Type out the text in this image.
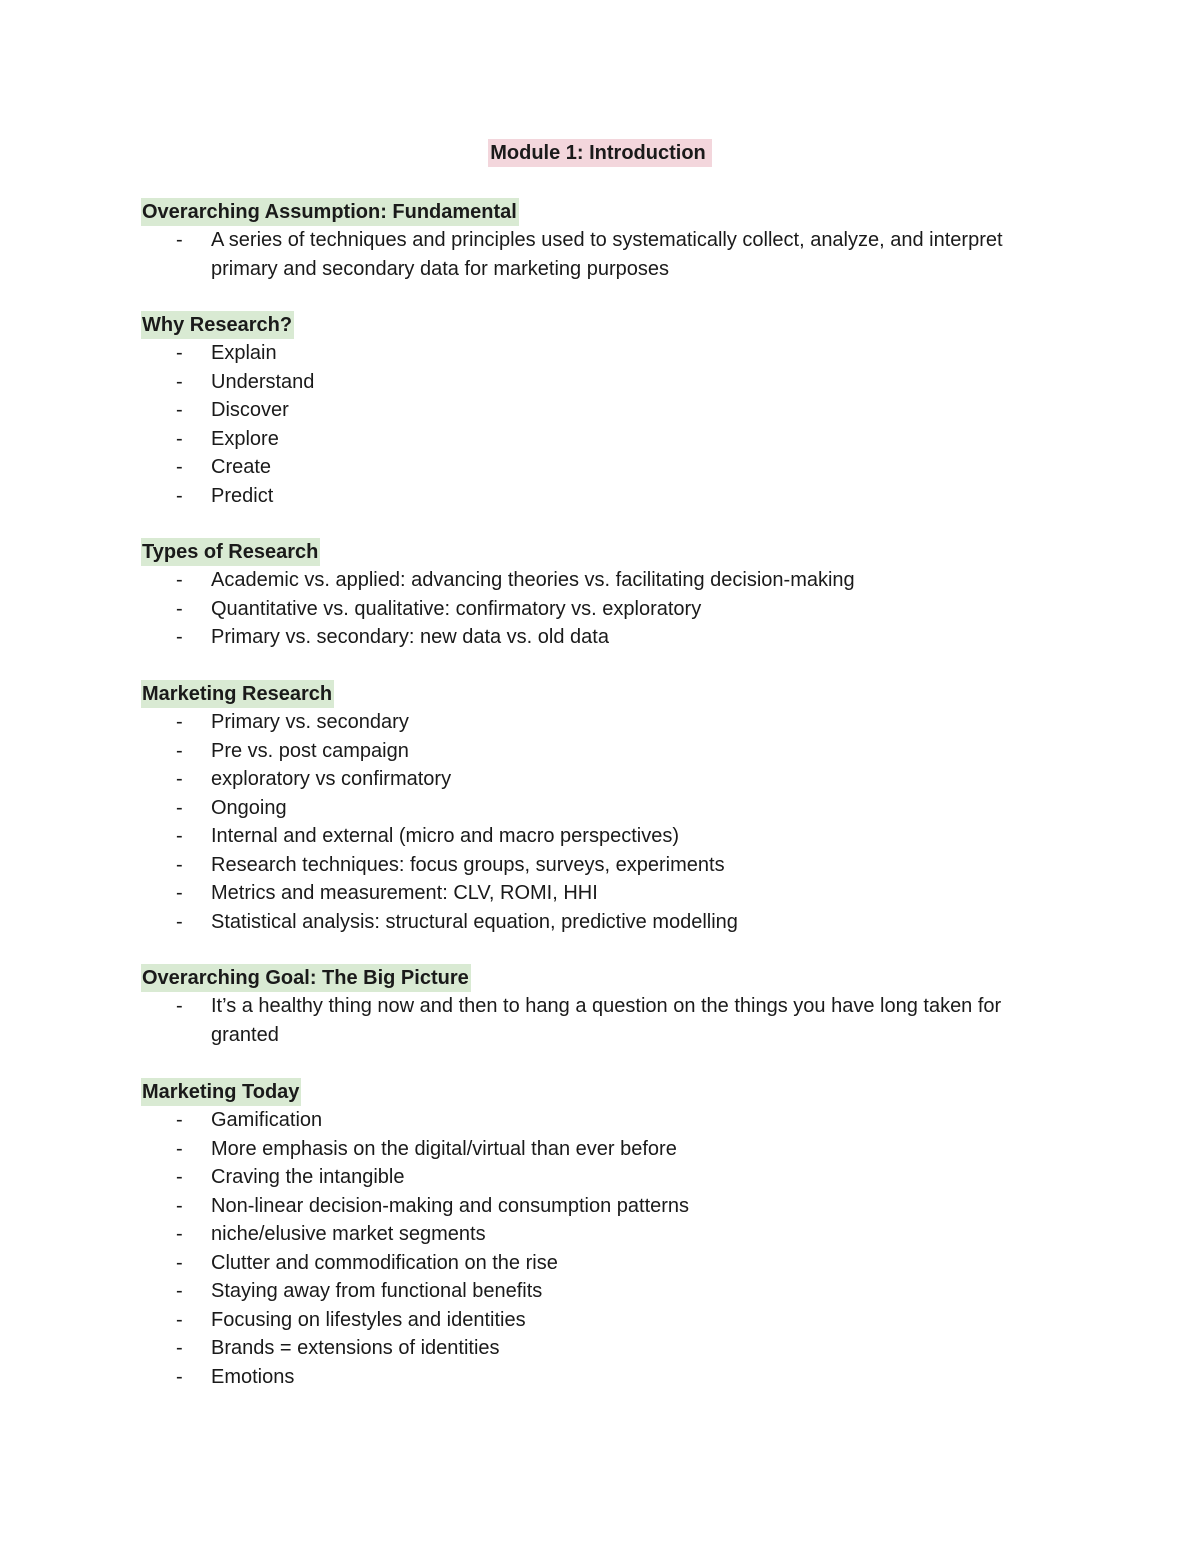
Module 1: Introduction
Overarching Assumption: Fundamental
- A series of techniques and principles used to systematically collect, analyze, and interpret primary and secondary data for marketing purposes
Why Research?
- Explain
- Understand
- Discover
- Explore
- Create
- Predict
Types of Research
- Academic vs. applied: advancing theories vs. facilitating decision-making
- Quantitative vs. qualitative: confirmatory vs. exploratory
- Primary vs. secondary: new data vs. old data
Marketing Research
- Primary vs. secondary
- Pre vs. post campaign
- exploratory vs confirmatory
- Ongoing
- Internal and external (micro and macro perspectives)
- Research techniques: focus groups, surveys, experiments
- Metrics and measurement: CLV, ROMI, HHI
- Statistical analysis: structural equation, predictive modelling
Overarching Goal: The Big Picture
- It’s a healthy thing now and then to hang a question on the things you have long taken for granted
Marketing Today
- Gamification
- More emphasis on the digital/virtual than ever before
- Craving the intangible
- Non-linear decision-making and consumption patterns
- niche/elusive market segments
- Clutter and commodification on the rise
- Staying away from functional benefits
- Focusing on lifestyles and identities
- Brands = extensions of identities
- Emotions
